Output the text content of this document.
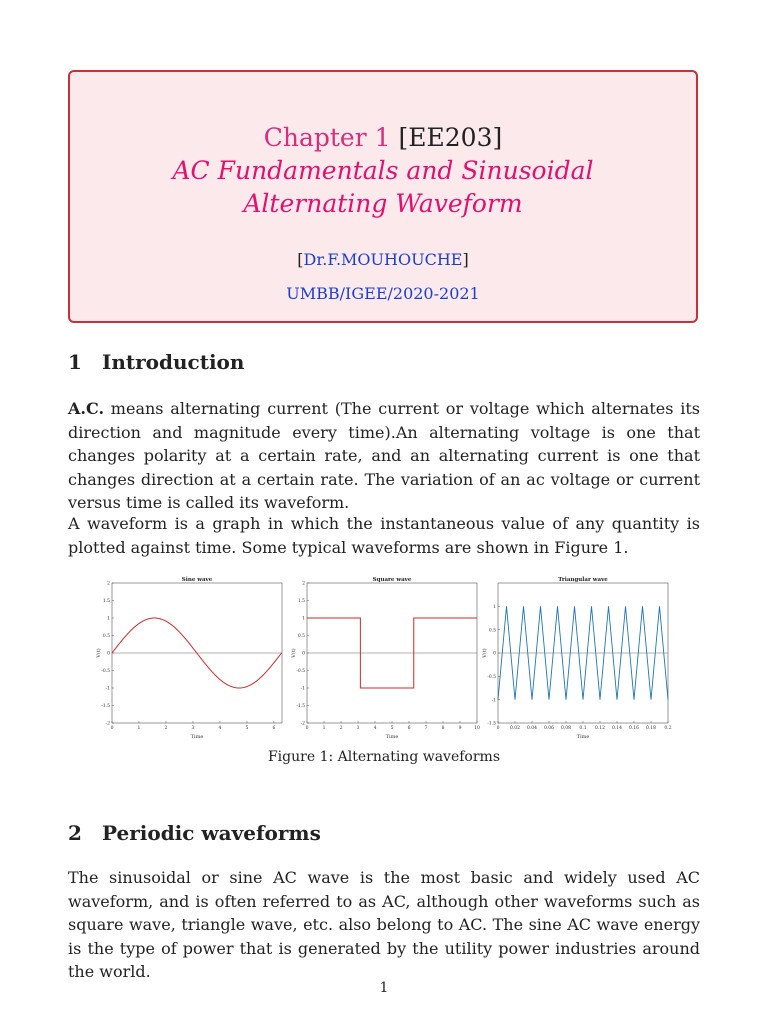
Chapter 1 [EE203]
AC Fundamentals and Sinusoidal Alternating Waveform
[Dr.F.MOUHOUCHE]
UMBB/IGEE/2020-2021
1 Introduction

A.C. means alternating current (The current or voltage which alternates its direction and magnitude every time).An alternating voltage is one that changes polarity at a certain rate, and an alternating current is one that changes direction at a certain rate. The variation of an ac voltage or current versus time is called its waveform.

A waveform is a graph in which the instantaneous value of any quantity is plotted against time. Some typical waveforms are shown in Figure 1.

Sine wave
-2
-1.5
-1
-0.5
0
0.5
1
1.5
2
0	1	2	3	4	5	6
Time
V(t)
Square wave
-2
-1.5
-1
-0.5
0
0.5
1
1.5
2
0	1	2	3	4	5	6	7	8	9	10
Time
V(t)
Triangular wave
-1.5
-1
-0.5
0
0.5
1
0 0.02 0.04 0.06 0.08 0.1 0.12 0.14 0.16 0.18 0.2
Time
V(t)
Figure 1: Alternating waveforms
2 Periodic waveforms

The sinusoidal or sine AC wave is the most basic and widely used AC waveform, and is often referred to as AC, although other waveforms such as square wave, triangle wave, etc. also belong to AC. The sine AC wave energy is the type of power that is generated by the utility power industries around the world.

1
